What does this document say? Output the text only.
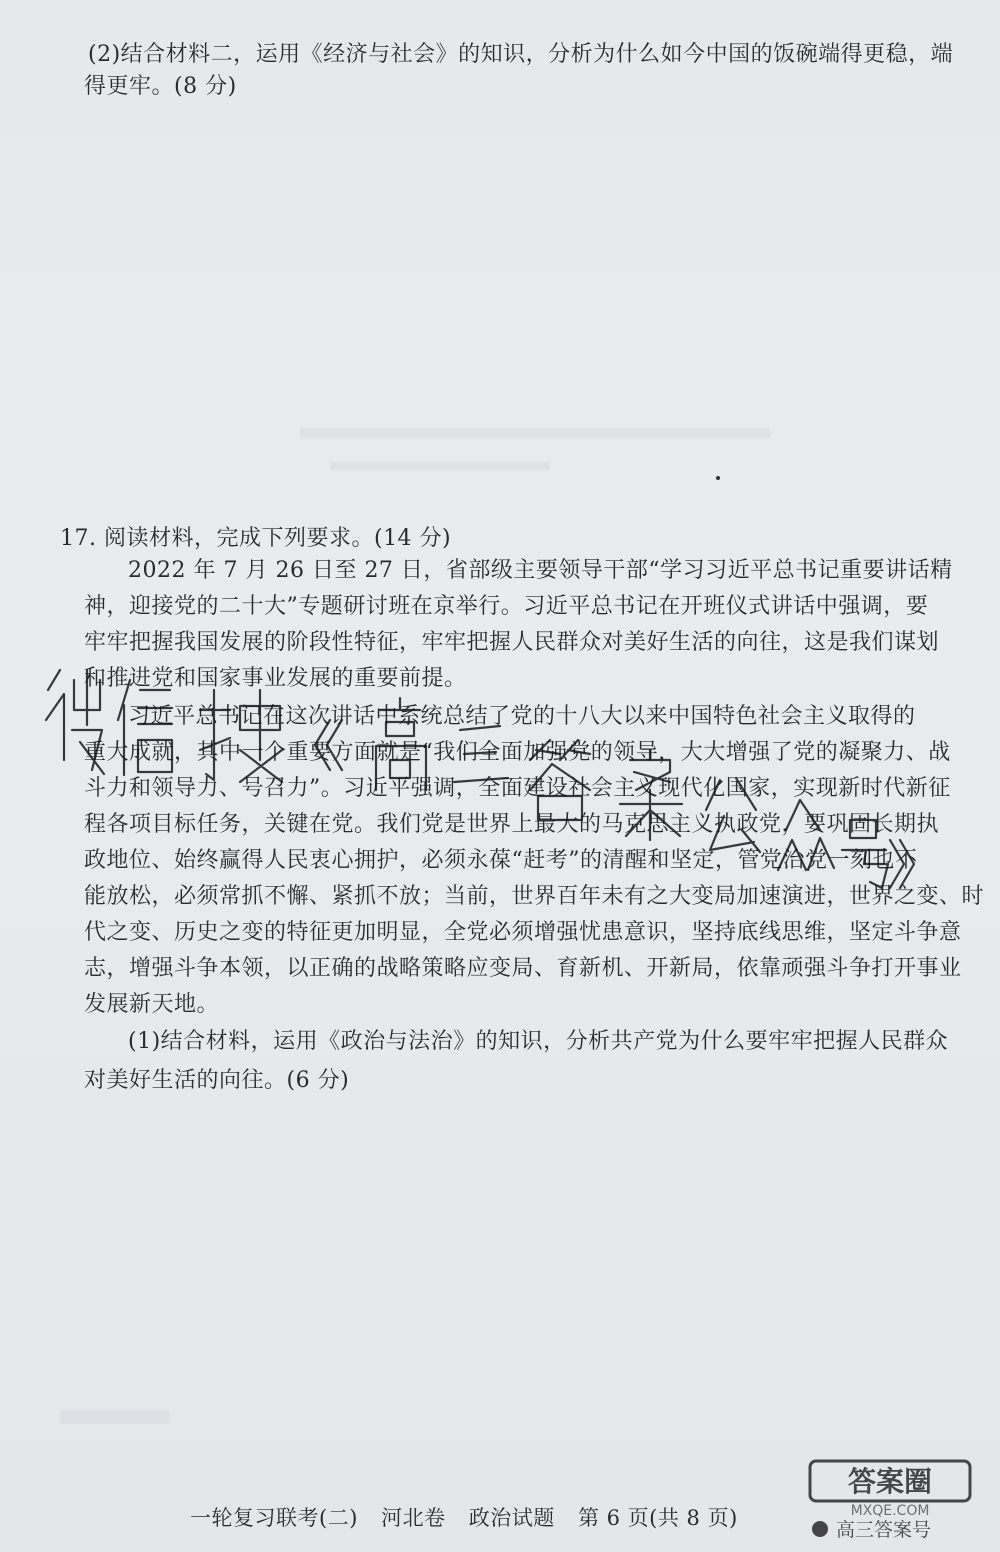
(2)结合材料二，运用《经济与社会》的知识，分析为什么如今中国的饭碗端得更稳，端
得更牢。(8 分)
17. 阅读材料，完成下列要求。(14 分)
2022 年 7 月 26 日至 27 日，省部级主要领导干部“学习习近平总书记重要讲话精
神，迎接党的二十大”专题研讨班在京举行。习近平总书记在开班仪式讲话中强调，要
牢牢把握我国发展的阶段性特征，牢牢把握人民群众对美好生活的向往，这是我们谋划
和推进党和国家事业发展的重要前提。
习近平总书记在这次讲话中系统总结了党的十八大以来中国特色社会主义取得的
重大成就，其中一个重要方面就是“我们全面加强党的领导，大大增强了党的凝聚力、战
斗力和领导力、号召力”。习近平强调，全面建设社会主义现代化国家，实现新时代新征
程各项目标任务，关键在党。我们党是世界上最大的马克思主义执政党，要巩固长期执
政地位、始终赢得人民衷心拥护，必须永葆“赶考”的清醒和坚定，管党治党一刻也不
能放松，必须常抓不懈、紧抓不放；当前，世界百年未有之大变局加速演进，世界之变、时
代之变、历史之变的特征更加明显，全党必须增强忧患意识，坚持底线思维，坚定斗争意
志，增强斗争本领，以正确的战略策略应变局、育新机、开新局，依靠顽强斗争打开事业
发展新天地。
(1)结合材料，运用《政治与法治》的知识，分析共产党为什么要牢牢把握人民群众
对美好生活的向往。(6 分)
答案圈
MXQE.COM
高三答案号
一轮复习联考(二) 河北卷 政治试题 第 6 页(共 8 页)
